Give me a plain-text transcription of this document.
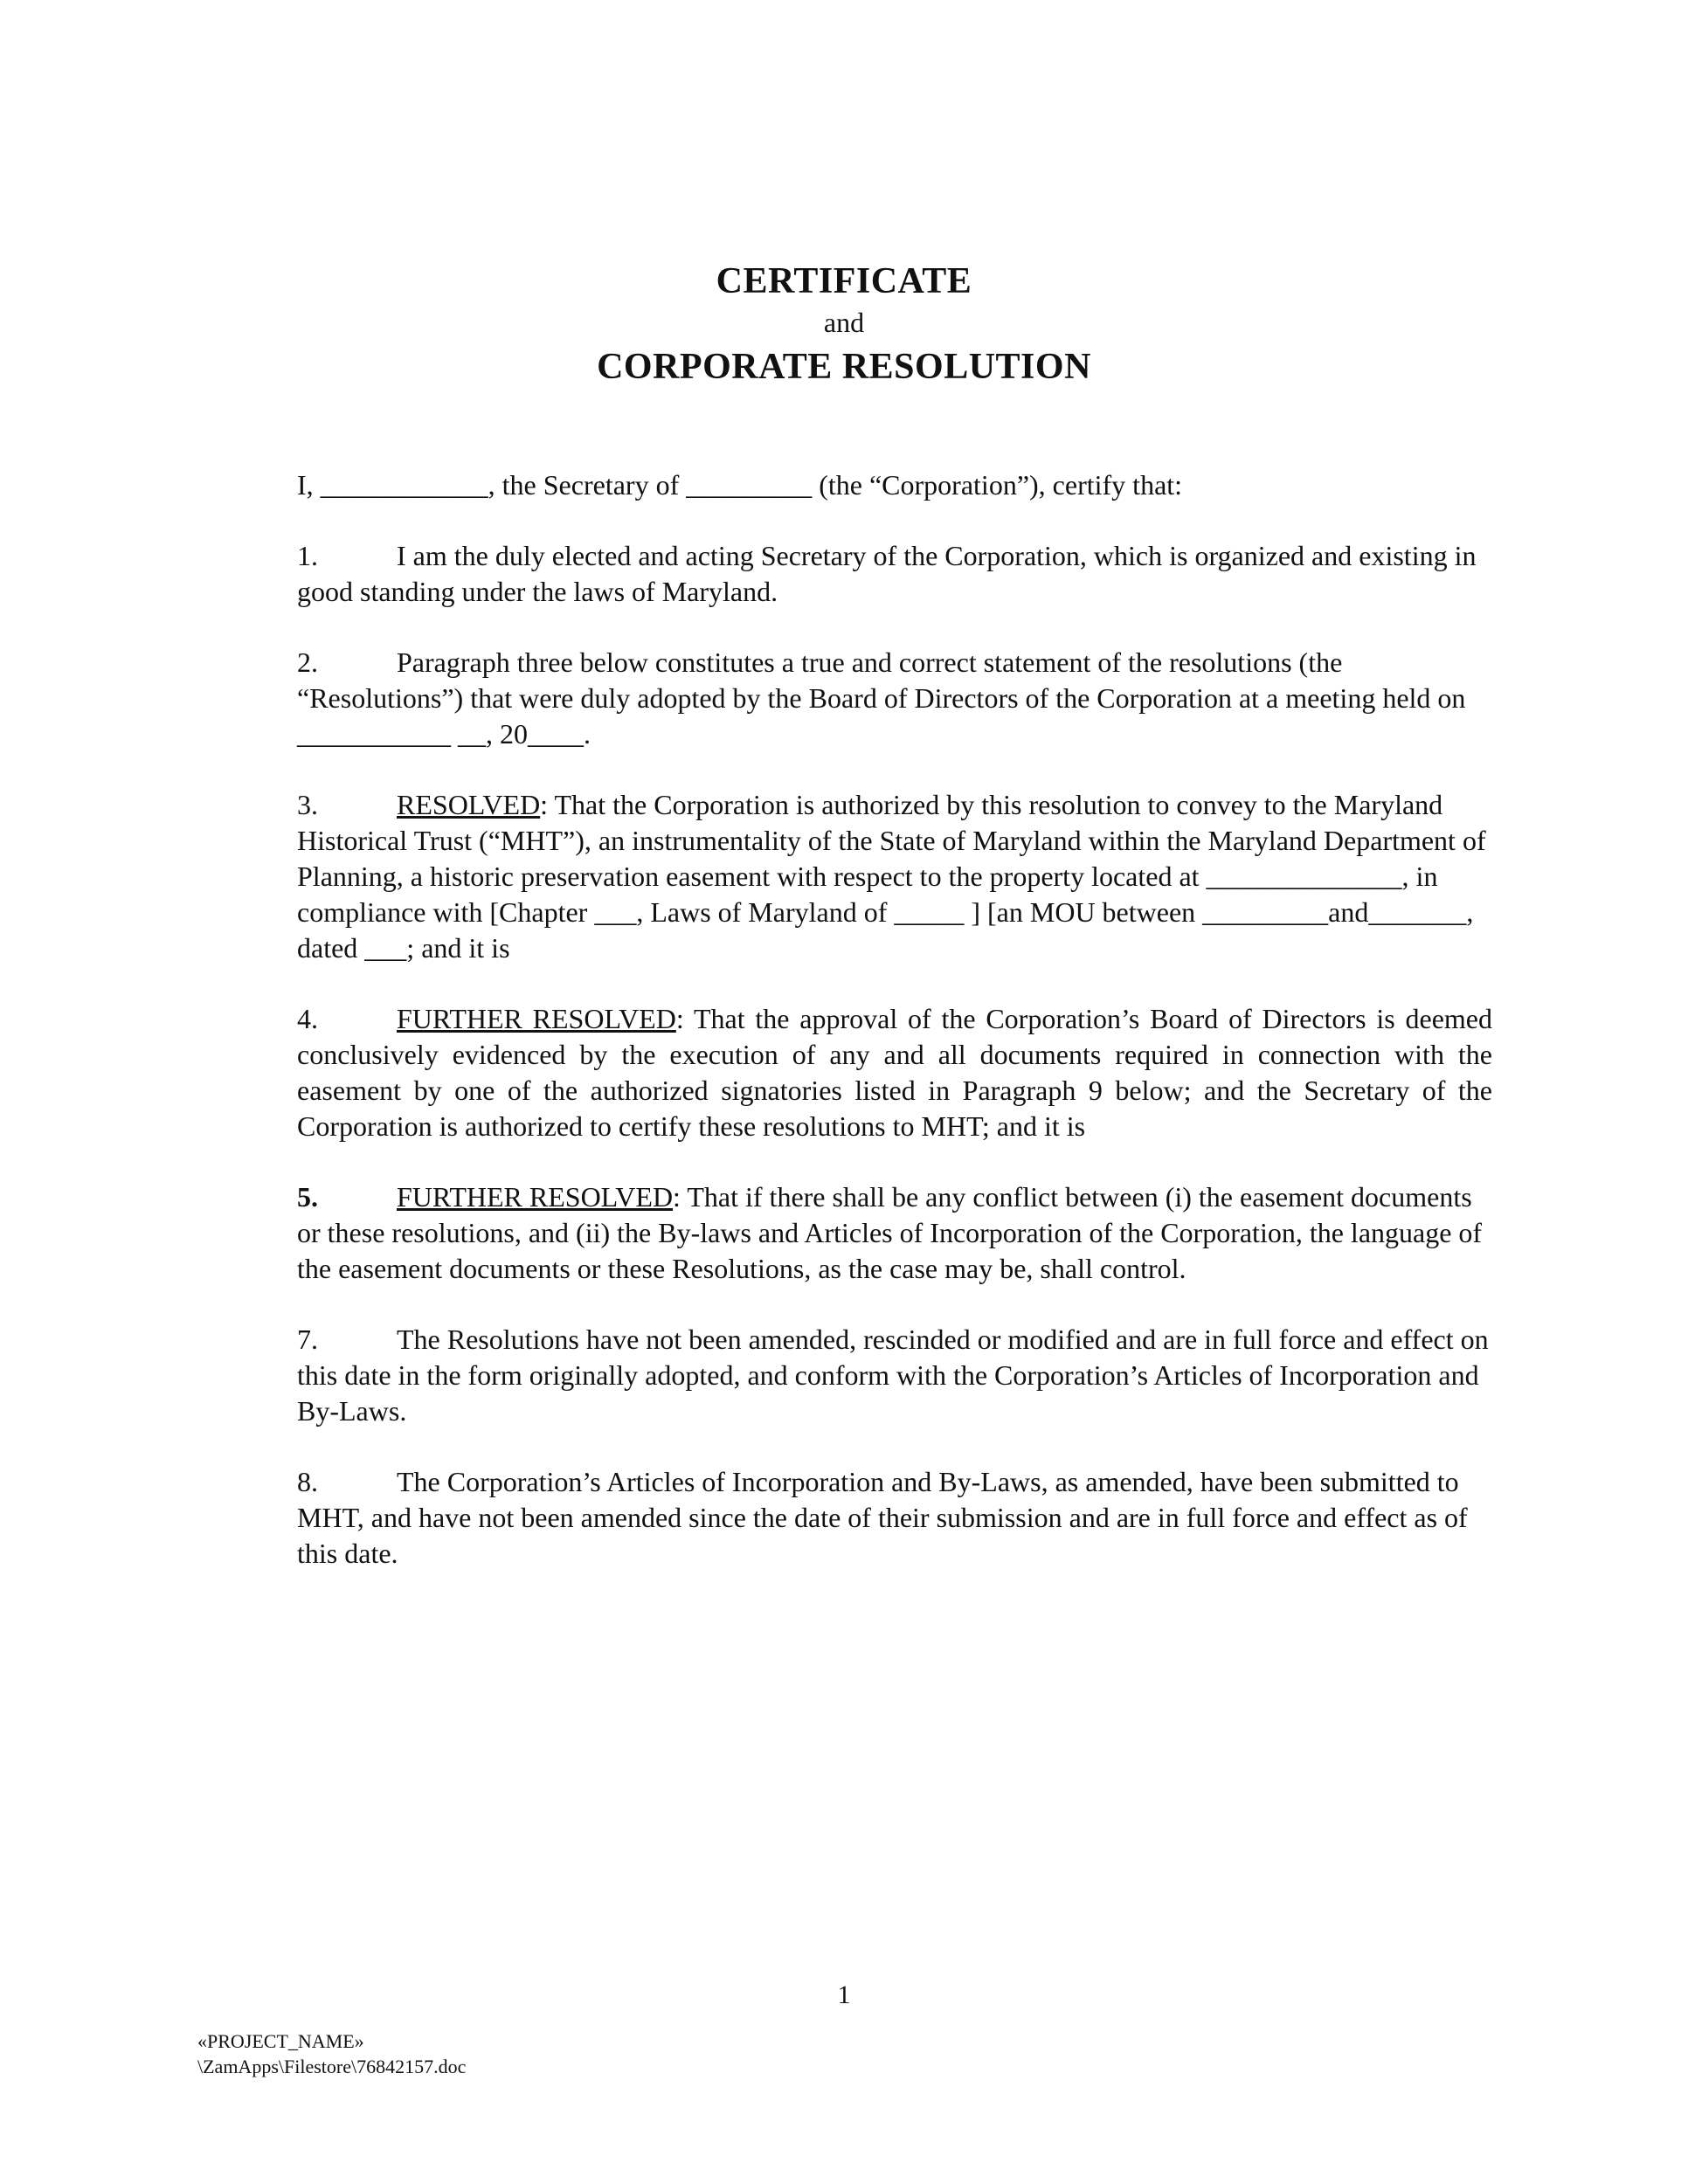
CERTIFICATE
and
CORPORATE RESOLUTION

I, ____________, the Secretary of _________ (the “Corporation”), certify that:

1.	I am the duly elected and acting Secretary of the Corporation, which is organized and existing in good standing under the laws of Maryland.

2.	Paragraph three below constitutes a true and correct statement of the resolutions (the “Resolutions”) that were duly adopted by the Board of Directors of the Corporation at a meeting held on ___________ __, 20____.

3.	RESOLVED: That the Corporation is authorized by this resolution to convey to the Maryland Historical Trust (“MHT”), an instrumentality of the State of Maryland within the Maryland Department of Planning, a historic preservation easement with respect to the property located at ______________, in compliance with [Chapter ___, Laws of Maryland of _____ ] [an MOU between _________and_______, dated ___; and it is

4.	FURTHER RESOLVED: That the approval of the Corporation’s Board of Directors is deemed conclusively evidenced by the execution of any and all documents required in connection with the easement by one of the authorized signatories listed in Paragraph 9 below; and the Secretary of the Corporation is authorized to certify these resolutions to MHT; and it is

5.	FURTHER RESOLVED: That if there shall be any conflict between (i) the easement documents or these resolutions, and (ii) the By-laws and Articles of Incorporation of the Corporation, the language of the easement documents or these Resolutions, as the case may be, shall control.

7.	The Resolutions have not been amended, rescinded or modified and are in full force and effect on this date in the form originally adopted, and conform with the Corporation’s Articles of Incorporation and By-Laws.

8.	The Corporation’s Articles of Incorporation and By-Laws, as amended, have been submitted to MHT, and have not been amended since the date of their submission and are in full force and effect as of this date.

1
«PROJECT_NAME»
\ZamApps\Filestore\76842157.doc
